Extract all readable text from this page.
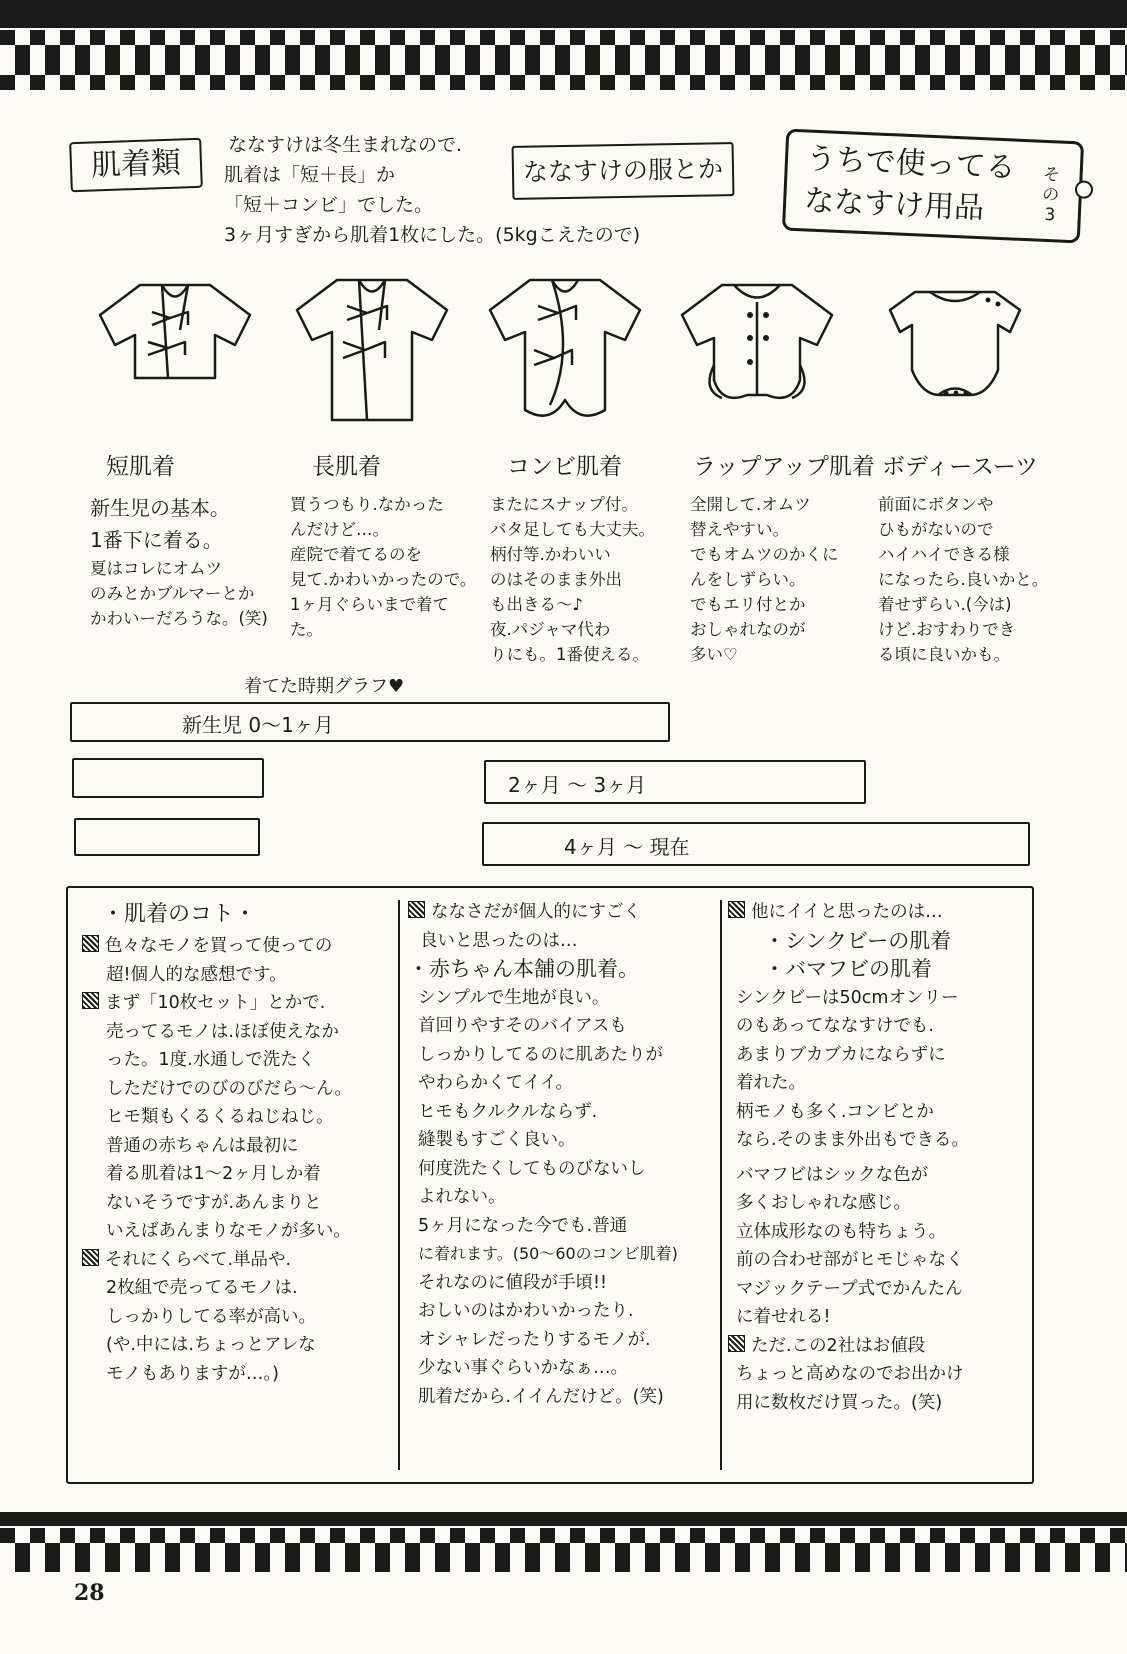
肌着類
ななすけは冬生まれなので.
肌着は「短＋長」か
「短＋コンビ」でした。
3ヶ月すぎから肌着1枚にした。(5kgこえたので)
ななすけの服とか	うちで使ってる
ななすけ用品
その3
短肌着	長肌着	コンビ肌着	ラップアップ肌着 ボディースーツ
新生児の基本。
1番下に着る。
夏はコレにオムツ
のみとかブルマーとか
かわいーだろうな。(笑)
買うつもり.なかった
んだけど…。
産院で着てるのを
見て.かわいかったので。
1ヶ月ぐらいまで着てた。
またにスナップ付。
バタ足しても大丈夫。
柄付等.かわいい
のはそのまま外出
も出きる～♪
夜.パジャマ代わ
りにも。1番使える。
全開して.オムツ
替えやすい。
でもオムツのかくに
んをしずらい。
でもエリ付とか
おしゃれなのが
多い♡
前面にボタンや
ひもがないので
ハイハイできる様
になったら.良いかと。
着せずらい.(今は)
けど.おすわりでき
る頃に良いかも。
着てた時期グラフ♥
新生児 0～1ヶ月
2ヶ月 ～ 3ヶ月
4ヶ月 ～ 現在

・肌着のコト・

色々なモノを買って使っての

超!個人的な感想です。

まず「10枚セット」とかで.

売ってるモノは.ほぼ使えなか

った。1度.水通しで洗たく

しただけでのびのびだら～ん。

ヒモ類もくるくるねじねじ。

普通の赤ちゃんは最初に

着る肌着は1～2ヶ月しか着

ないそうですが.あんまりと

いえばあんまりなモノが多い。

それにくらべて.単品や.

2枚組で売ってるモノは.

しっかりしてる率が高い。

(や.中には.ちょっとアレな

モノもありますが…。)

ななさだが個人的にすごく

良いと思ったのは…

・赤ちゃん本舗の肌着。

シンプルで生地が良い。

首回りやすそのバイアスも

しっかりしてるのに肌あたりが

やわらかくてイイ。

ヒモもクルクルならず.

縫製もすごく良い。

何度洗たくしてものびないし

よれない。

5ヶ月になった今でも.普通

に着れます。(50～60のコンビ肌着)

それなのに値段が手頃!!

おしいのはかわいかったり.

オシャレだったりするモノが.

少ない事ぐらいかなぁ…。

肌着だから.イイんだけど。(笑)

他にイイと思ったのは…

・シンクビーの肌着

・バマフビの肌着

シンクビーは50cmオンリー

のもあってななすけでも.

あまりブカブカにならずに

着れた。

柄モノも多く.コンビとか

なら.そのまま外出もできる。

バマフビはシックな色が

多くおしゃれな感じ。

立体成形なのも特ちょう。

前の合わせ部がヒモじゃなく

マジックテープ式でかんたん

に着せれる!

ただ.この2社はお値段

ちょっと高めなのでお出かけ

用に数枚だけ買った。(笑)

28
